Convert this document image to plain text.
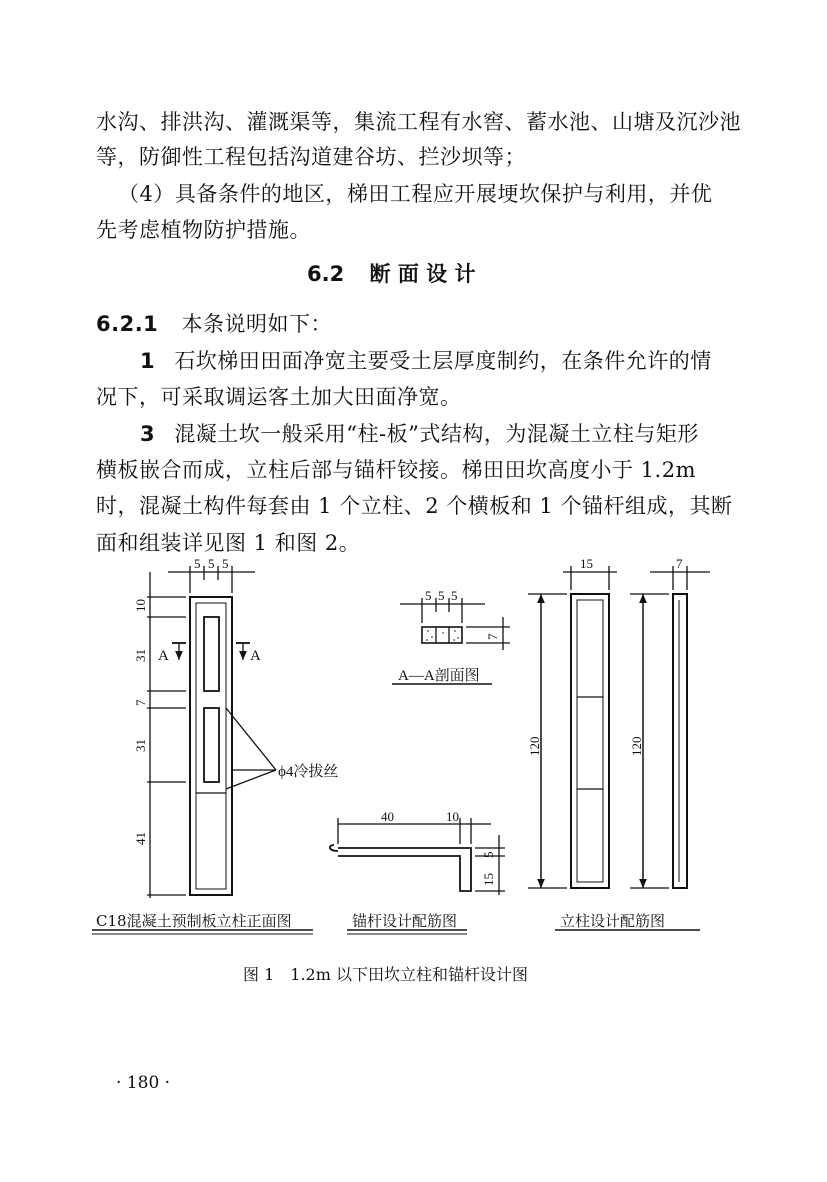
水沟、排洪沟、灌溉渠等，集流工程有水窖、蓄水池、山塘及沉沙池
等，防御性工程包括沟道建谷坊、拦沙坝等；
（4）具备条件的地区，梯田工程应开展埂坎保护与利用，并优
先考虑植物防护措施。
6.2 断 面 设 计
6.2.1 本条说明如下：
1 石坎梯田田面净宽主要受土层厚度制约，在条件允许的情
况下，可采取调运客土加大田面净宽。
3 混凝土坎一般采用“柱-板”式结构，为混凝土立柱与矩形
横板嵌合而成，立柱后部与锚杆铰接。梯田田坎高度小于 1.2m
时，混凝土构件每套由 1 个立柱、2 个横板和 1 个锚杆组成，其断
面和组装详见图 1 和图 2。
5 5 5
10
31
7
31
41
A	A
ϕ4冷拔丝
5 5 5
7
A—A剖面图
40	10
5
15
15
120
7
120
C18混凝土预制板立柱正面图	锚杆设计配筋图	立柱设计配筋图
图 1　1.2m 以下田坎立柱和锚杆设计图
· 180 ·
